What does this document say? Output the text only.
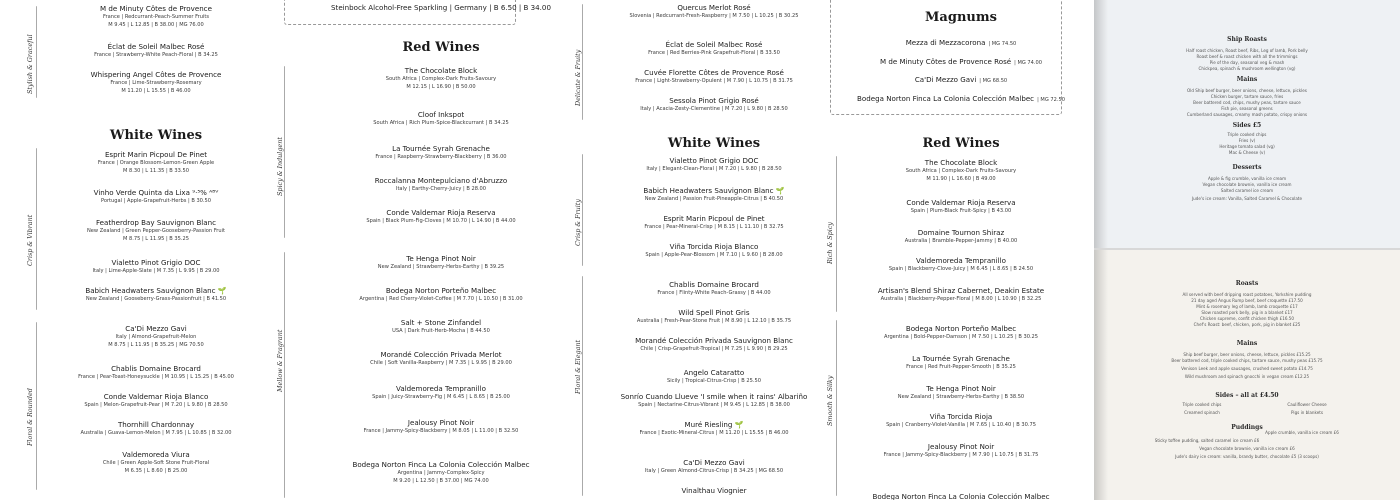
Stylish & Graceful
M de Minuty Côtes de Provence
France | Redcurrant-Peach-Summer Fruits
M 9.45 | L 12.85 | B 38.00 | MG 76.00
Éclat de Soleil Malbec Rosé
France | Strawberry-White Peach-Floral | B 34.25
Whispering Angel Côtes de Provence
France | Lime-Strawberry-Rosemary
M 11.20 | L 15.55 | B 46.00
White Wines
Esprit Marin Picpoul De Pinet
France | Orange Blossom-Lemon-Green Apple
M 8.30 | L 11.35 | B 33.50
Vinho Verde Quinta da Lixa ⁹·⁵% ᴬᴮⱽ
Portugal | Apple-Grapefruit-Herbs | B 30.50
Featherdrop Bay Sauvignon Blanc
New Zealand | Green Pepper-Gooseberry-Passion Fruit
M 8.75 | L 11.95 | B 35.25
Vialetto Pinot Grigio DOC
Italy | Lime-Apple-Slate | M 7.35 | L 9.95 | B 29.00
Babich Headwaters Sauvignon Blanc 🌱
New Zealand | Gooseberry-Grass-Passionfruit | B 41.50
Ca'Di Mezzo Gavi
Italy | Almond-Grapefruit-Melon
M 8.75 | L 11.95 | B 35.25 | MG 70.50
Chablis Domaine Brocard
France | Pear-Toast-Honeysuckle | M 10.95 | L 15.25 | B 45.00
Conde Valdemar Rioja Blanco
Spain | Melon-Grapefruit-Pear | M 7.20 | L 9.80 | B 28.50
Thornhill Chardonnay
Australia | Guava-Lemon-Melon | M 7.95 | L 10.85 | B 32.00
Valdemoreda Viura
Chile | Green Apple-Soft Stone Fruit-Floral
M 6.35 | L 8.60 | B 25.00
Crisp & Vibrant
Floral & Rounded
Spicy & Indulgent
Mellow & Fragrant
Steinbock Alcohol-Free Sparkling | Germany | B 6.50 | B 34.00
Red Wines
The Chocolate Block
South Africa | Complex-Dark Fruits-Savoury
M 12.15 | L 16.90 | B 50.00
Cloof Inkspot
South Africa | Rich Plum-Spice-Blackcurrant | B 34.25
La Tournée Syrah Grenache
France | Raspberry-Strawberry-Blackberry | B 36.00
Roccalanna Montepulciano d'Abruzzo
Italy | Earthy-Cherry-Juicy | B 28.00
Conde Valdemar Rioja Reserva
Spain | Black Plum-Fig-Cloves | M 10.70 | L 14.90 | B 44.00
Te Henga Pinot Noir
New Zealand | Strawberry-Herbs-Earthy | B 39.25
Bodega Norton Porteño Malbec
Argentina | Red Cherry-Violet-Coffee | M 7.70 | L 10.50 | B 31.00
Salt + Stone Zinfandel
USA | Dark Fruit-Herb-Mocha | B 44.50
Morandé Colección Privada Merlot
Chile | Soft Vanilla-Raspberry | M 7.35 | L 9.95 | B 29.00
Valdemoreda Tempranillo
Spain | Juicy-Strawberry-Fig | M 6.45 | L 8.65 | B 25.00
Jealousy Pinot Noir
France | Jammy-Spicy-Blackberry | M 8.05 | L 11.00 | B 32.50
Bodega Norton Finca La Colonia Colección Malbec
Argentina | Jammy-Complex-Spicy
M 9.20 | L 12.50 | B 37.00 | MG 74.00
Delicate & Fruity
Crisp & Fruity
Floral & Elegant
Quercus Merlot Rosé
Slovenia | Redcurrant-Fresh-Raspberry | M 7.50 | L 10.25 | B 30.25
Éclat de Soleil Malbec Rosé
France | Red Berries-Pink Grapefruit-Floral | B 33.50
Cuvée Florette Côtes de Provence Rosé
France | Light-Strawberry-Opulent | M 7.90 | L 10.75 | B 31.75
Sessola Pinot Grigio Rosé
Italy | Acacia-Zesty-Clementine | M 7.20 | L 9.80 | B 28.50
White Wines
Vialetto Pinot Grigio DOC
Italy | Elegant-Clean-Floral | M 7.20 | L 9.80 | B 28.50
Babich Headwaters Sauvignon Blanc 🌱
New Zealand | Passion Fruit-Pineapple-Citrus | B 40.50
Esprit Marin Picpoul de Pinet
France | Pear-Mineral-Crisp | M 8.15 | L 11.10 | B 32.75
Viña Torcida Rioja Blanco
Spain | Apple-Pear-Blossom | M 7.10 | L 9.60 | B 28.00
Chablis Domaine Brocard
France | Flinty-White Peach-Grassy | B 44.00
Wild Spell Pinot Gris
Australia | Fresh-Pear-Stone Fruit | M 8.90 | L 12.10 | B 35.75
Morandé Colección Privada Sauvignon Blanc
Chile | Crisp-Grapefruit-Tropical | M 7.25 | L 9.90 | B 29.25
Angelo Cataratto
Sicily | Tropical-Citrus-Crisp | B 25.50
Sonrío Cuando Llueve 'I smile when it rains' Albariño
Spain | Nectarine-Citrus-Vibrant | M 9.45 | L 12.85 | B 38.00
Muré Riesling 🌱
France | Exotic-Mineral-Citrus | M 11.20 | L 15.55 | B 46.00
Ca'Di Mezzo Gavi
Italy | Green Almond-Citrus-Crisp | B 34.25 | MG 68.50
Vinalthau Viognier
Rich & Spicy
Smooth & Silky
Magnums
Mezza di Mezzacorona | MG 74.50
M de Minuty Côtes de Provence Rosé | MG 74.00
Ca'Di Mezzo Gavi | MG 68.50
Bodega Norton Finca La Colonia Colección Malbec | MG 72.50
Red Wines
The Chocolate Block
South Africa | Complex-Dark Fruits-Savoury
M 11.90 | L 16.60 | B 49.00
Conde Valdemar Rioja Reserva
Spain | Plum-Black Fruit-Spicy | B 43.00
Domaine Tournon Shiraz
Australia | Bramble-Pepper-Jammy | B 40.00
Valdemoreda Tempranillo
Spain | Blackberry-Clove-Juicy | M 6.45 | L 8.65 | B 24.50
Artisan's Blend Shiraz Cabernet, Deakin Estate
Australia | Blackberry-Pepper-Floral | M 8.00 | L 10.90 | B 32.25
Bodega Norton Porteño Malbec
Argentina | Bold-Pepper-Damson | M 7.50 | L 10.25 | B 30.25
La Tournée Syrah Grenache
France | Red Fruit-Pepper-Smooth | B 35.25
Te Henga Pinot Noir
New Zealand | Strawberry-Herbs-Earthy | B 38.50
Viña Torcida Rioja
Spain | Cranberry-Violet-Vanilla | M 7.65 | L 10.40 | B 30.75
Jealousy Pinot Noir
France | Jammy-Spicy-Blackberry | M 7.90 | L 10.75 | B 31.75
Bodega Norton Finca La Colonia Colección Malbec
Ship Roasts
Half roast chicken, Roast beef, Ribs, Leg of lamb, Pork belly
Roast beef & roast chicken with all the trimmings
Pie of the day, seasonal veg & mash
Chickpea, spinach & mushroom wellington (vg)
Mains
Old Ship beef burger, beer onions, cheese, lettuce, pickles
Chicken burger, tartare sauce, fries
Beer battered cod, chips, mushy peas, tartare sauce
Fish pie, seasonal greens
Cumberland sausages, creamy mash potato, crispy onions
Sides £5
Triple cooked chips
Fries (v)
Heritage tomato salad (vg)
Mac & Cheese (v)
Desserts
Apple & fig crumble, vanilla ice cream
Vegan chocolate brownie, vanilla ice cream
Salted caramel ice cream
Jude's ice cream: Vanilla, Salted Caramel & Chocolate
Roasts
All served with beef dripping roast potatoes, Yorkshire pudding
21 day aged Angus Rump beef, beef croquette £17.50
Mint & rosemary leg of lamb, lamb croquette £17
Slow roasted pork belly, pig in a blanket £17
Chicken supreme, confit chicken thigh £16.50
Chef's Roast: beef, chicken, pork, pig in blanket £25
Mains
Ship beef burger, beer onions, cheese, lettuce, pickles £15.25
Beer battered cod, triple cooked chips, tartare sauce, mushy peas £15.75
Venison Leek and apple sausages, crushed sweet potato £14.75
Wild mushroom and spinach gnocchi in vegan cream £12.25
Sides – all at £4.50
Triple cooked chips
Creamed spinach
Cauliflower Cheese
Pigs in blankets
Puddings
Sticky toffee pudding, salted caramel ice cream £6
Apple crumble, vanilla ice cream £6
Vegan chocolate brownie, vanilla ice cream £6
Jude's dairy ice cream: vanilla, brandy butter, chocolate £5 (3 scoops)
